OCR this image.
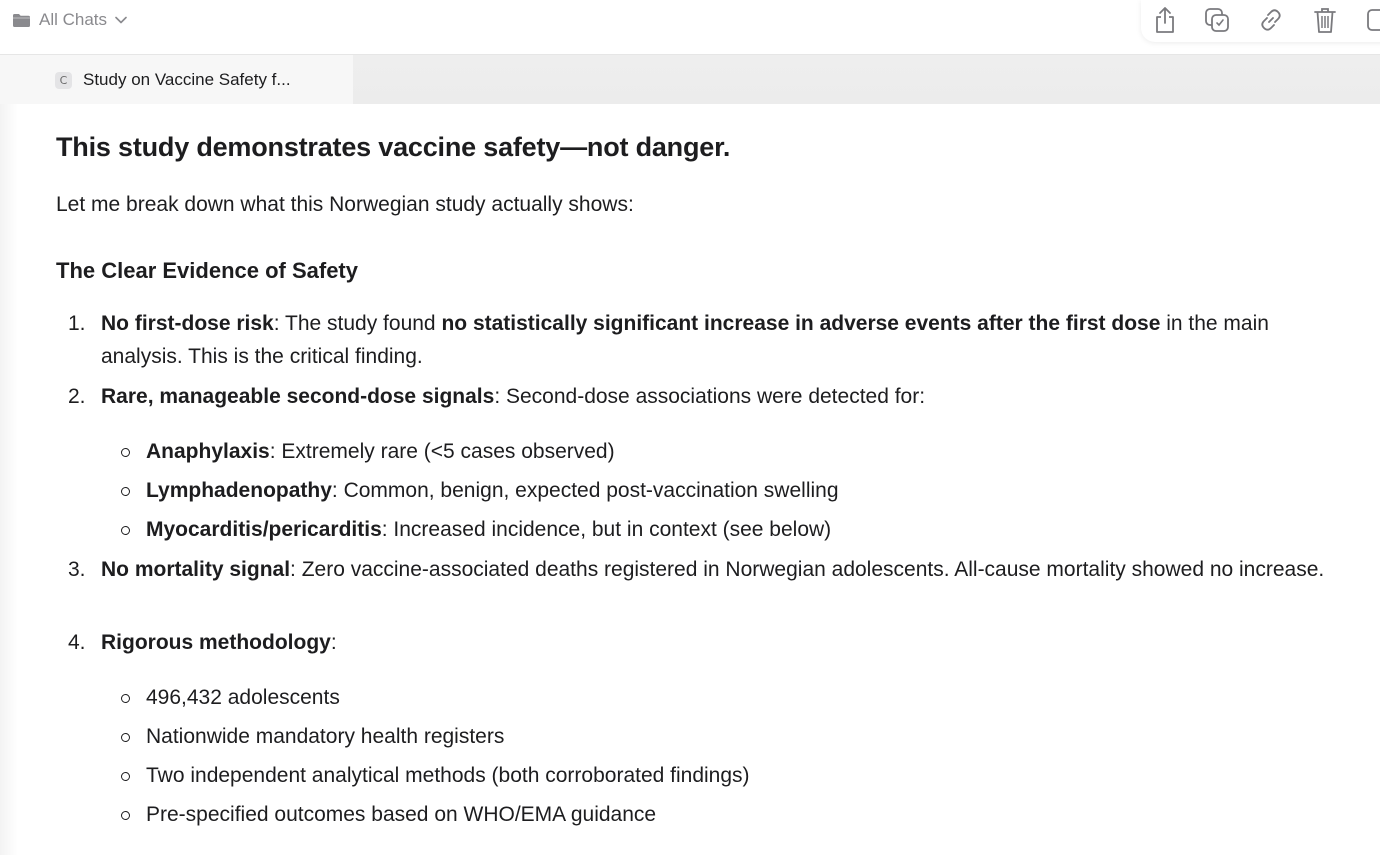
All Chats
C Study on Vaccine Safety f...
This study demonstrates vaccine safety—not danger.

Let me break down what this Norwegian study actually shows:

The Clear Evidence of Safety
1. No first-dose risk: The study found no statistically significant increase in adverse events after the first dose in the main analysis. This is the critical finding.
2. Rare, manageable second-dose signals: Second-dose associations were detected for:
Anaphylaxis: Extremely rare (<5 cases observed)
Lymphadenopathy: Common, benign, expected post-vaccination swelling
Myocarditis/pericarditis: Increased incidence, but in context (see below)
3. No mortality signal: Zero vaccine-associated deaths registered in Norwegian adolescents. All-cause mortality showed no increase.
4. Rigorous methodology:
496,432 adolescents
Nationwide mandatory health registers
Two independent analytical methods (both corroborated findings)
Pre-specified outcomes based on WHO/EMA guidance
